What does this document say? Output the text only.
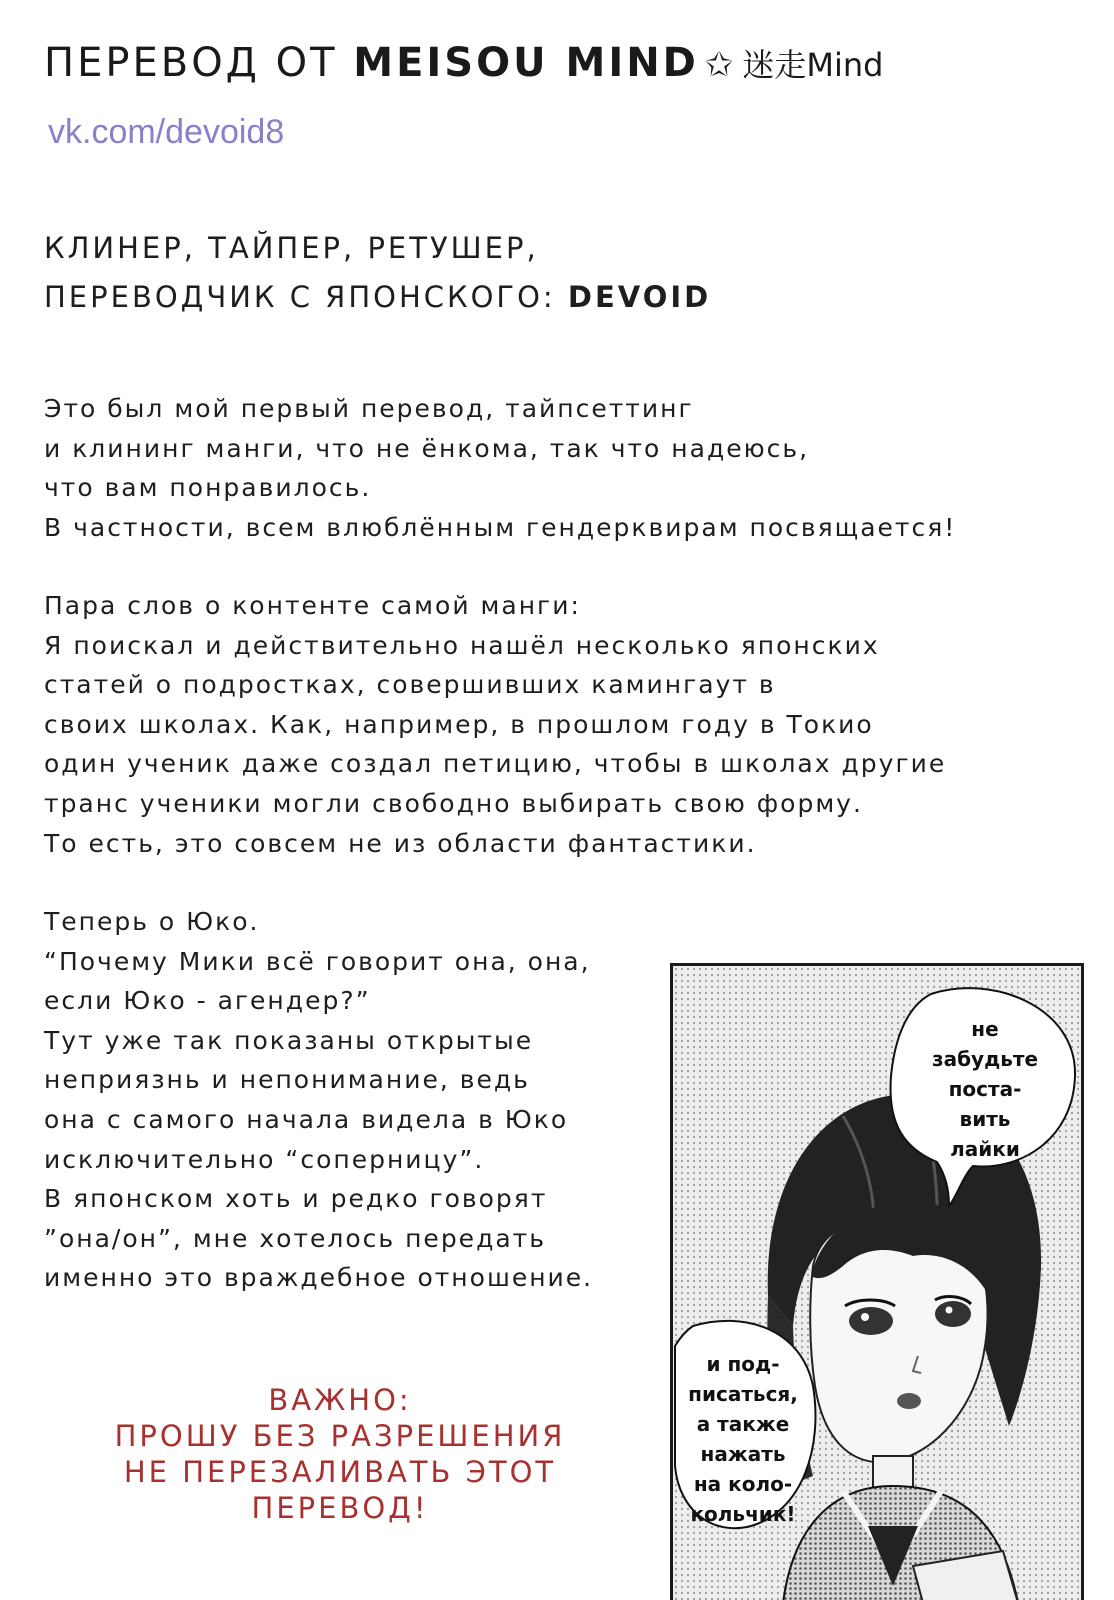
ПЕРЕВОД ОТ MEISOU MIND ✩ 迷走Mind
vk.com/devoid8
КЛИНЕР, ТАЙПЕР, РЕТУШЕР,
ПЕРЕВОДЧИК С ЯПОНСКОГО: DEVOID
Это был мой первый перевод, тайпсеттинг
и клининг манги, что не ёнкома, так что надеюсь,
что вам понравилось.
В частности, всем влюблённым гендерквирам посвящается!
Пара слов о контенте самой манги:
Я поискал и действительно нашёл несколько японских
статей о подростках, совершивших камингаут в
своих школах. Как, например, в прошлом году в Токио
один ученик даже создал петицию, чтобы в школах другие
транс ученики могли свободно выбирать свою форму.
То есть, это совсем не из области фантастики.
Теперь о Юко.
“Почему Мики всё говорит она, она,
если Юко - агендер?”
Тут уже так показаны открытые
неприязнь и непонимание, ведь
она с самого начала видела в Юко
исключительно “соперницу”.
В японском хоть и редко говорят
”она/он”, мне хотелось передать
именно это враждебное отношение.
ВАЖНО:
ПРОШУ БЕЗ РАЗРЕШЕНИЯ
НЕ ПЕРЕЗАЛИВАТЬ ЭТОТ
ПЕРЕВОД!
не
забудьте
поста-
вить
лайки
и под-
писаться,
а также
нажать
на коло-
кольчик!
